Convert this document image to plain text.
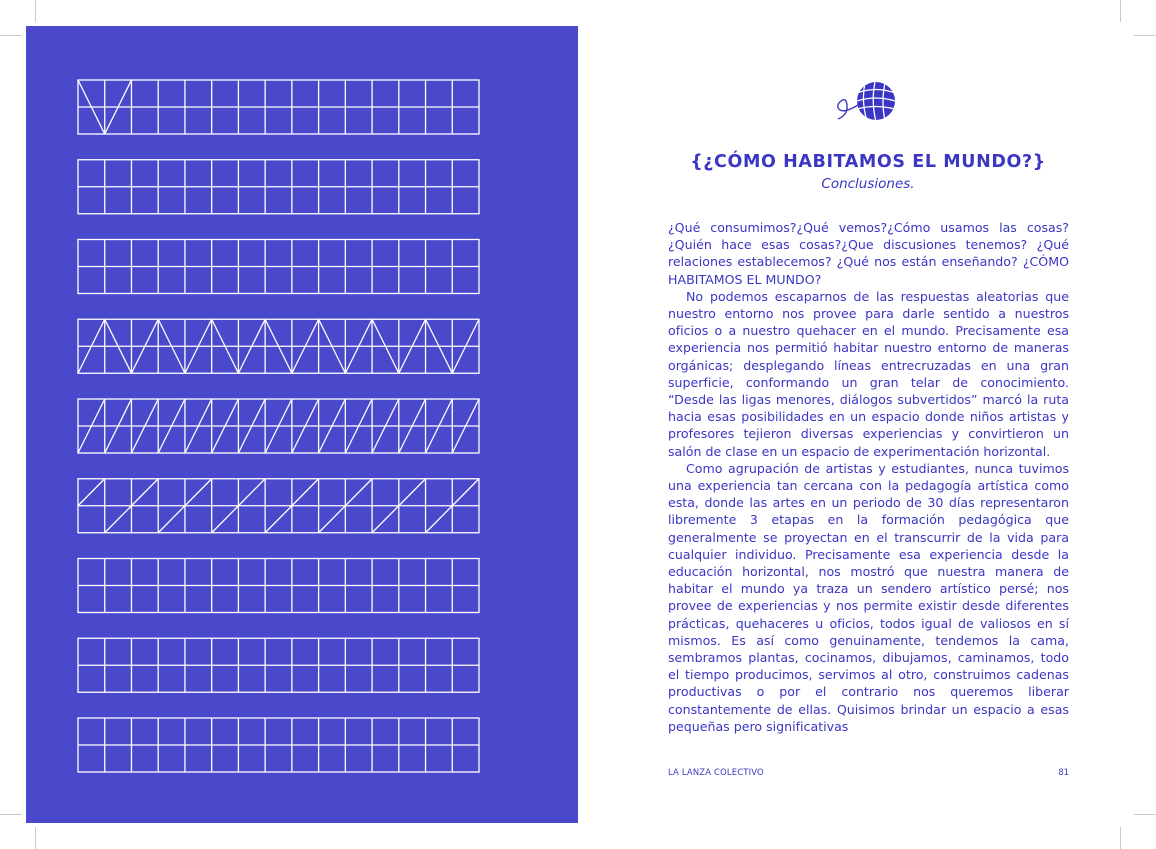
{¿CÓMO HABITAMOS EL MUNDO?}
Conclusiones.

¿Qué consumimos?¿Qué vemos?¿Cómo usamos las cosas? ¿Quién hace esas cosas?¿Que discusiones tenemos? ¿Qué relaciones establecemos? ¿Qué nos están enseñando? ¿CÓMO HABITAMOS EL MUNDO?

No podemos escaparnos de las respuestas aleatorias que nuestro entorno nos provee para darle sentido a nuestros oficios o a nuestro quehacer en el mundo. Precisamente esa experiencia nos permitió habitar nuestro entorno de maneras orgánicas; desplegando líneas entrecruzadas en una gran superficie, conformando un gran telar de conocimiento. “Desde las ligas menores, diálogos subvertidos” marcó la ruta hacia esas posibilidades en un espacio donde niños artistas y profesores tejieron diversas experiencias y convirtieron un salón de clase en un espacio de experimentación horizontal.

Como agrupación de artistas y estudiantes, nunca tuvimos una experiencia tan cercana con la pedagogía artística como esta, donde las artes en un periodo de 30 días representaron libremente 3 etapas en la formación pedagógica que generalmente se proyectan en el transcurrir de la vida para cualquier individuo. Precisamente esa experiencia desde la educación horizontal, nos mostró que nuestra manera de habitar el mundo ya traza un sendero artístico persé; nos provee de experiencias y nos permite existir desde diferentes prácticas, quehaceres u oficios, todos igual de valiosos en sí mismos. Es así como genuinamente, tendemos la cama, sembramos plantas, cocinamos, dibujamos, caminamos, todo el tiempo producimos, servimos al otro, construimos cadenas productivas o por el contrario nos queremos liberar constantemente de ellas. Quisimos brindar un espacio a esas pequeñas pero significativas

LA LANZA COLECTIVO	81
